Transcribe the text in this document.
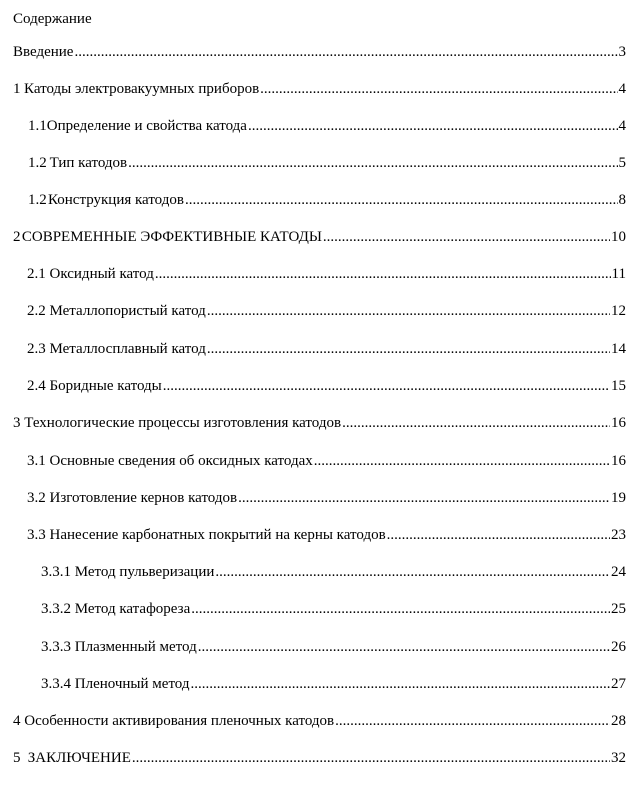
Содержание
Введение .....	3
1 Катоды электровакуумных приборов .....	4
1.1 Определение и свойства катода .....	4
1.2 Тип катодов .....	5
1.2 Конструкция катодов .....	8
2 СОВРЕМЕННЫЕ ЭФФЕКТИВНЫЕ КАТОДЫ .....	10
2.1 Оксидный катод .....	11
2.2 Металлопористый катод .....	12
2.3 Металлосплавный катод .....	14
2.4 Боридные катоды .....	15
3 Технологические процессы изготовления катодов .....	16
3.1 Основные сведения об оксидных катодах .....	16
3.2 Изготовление кернов катодов .....	19
3.3 Нанесение карбонатных покрытий на керны катодов .....	23
3.3.1 Метод пульверизации .....	24
3.3.2 Метод катафореза .....	25
3.3.3 Плазменный метод .....	26
3.3.4 Пленочный метод .....	27
4 Особенности активирования пленочных катодов .....	28
5 ЗАКЛЮЧЕНИЕ .....	32
